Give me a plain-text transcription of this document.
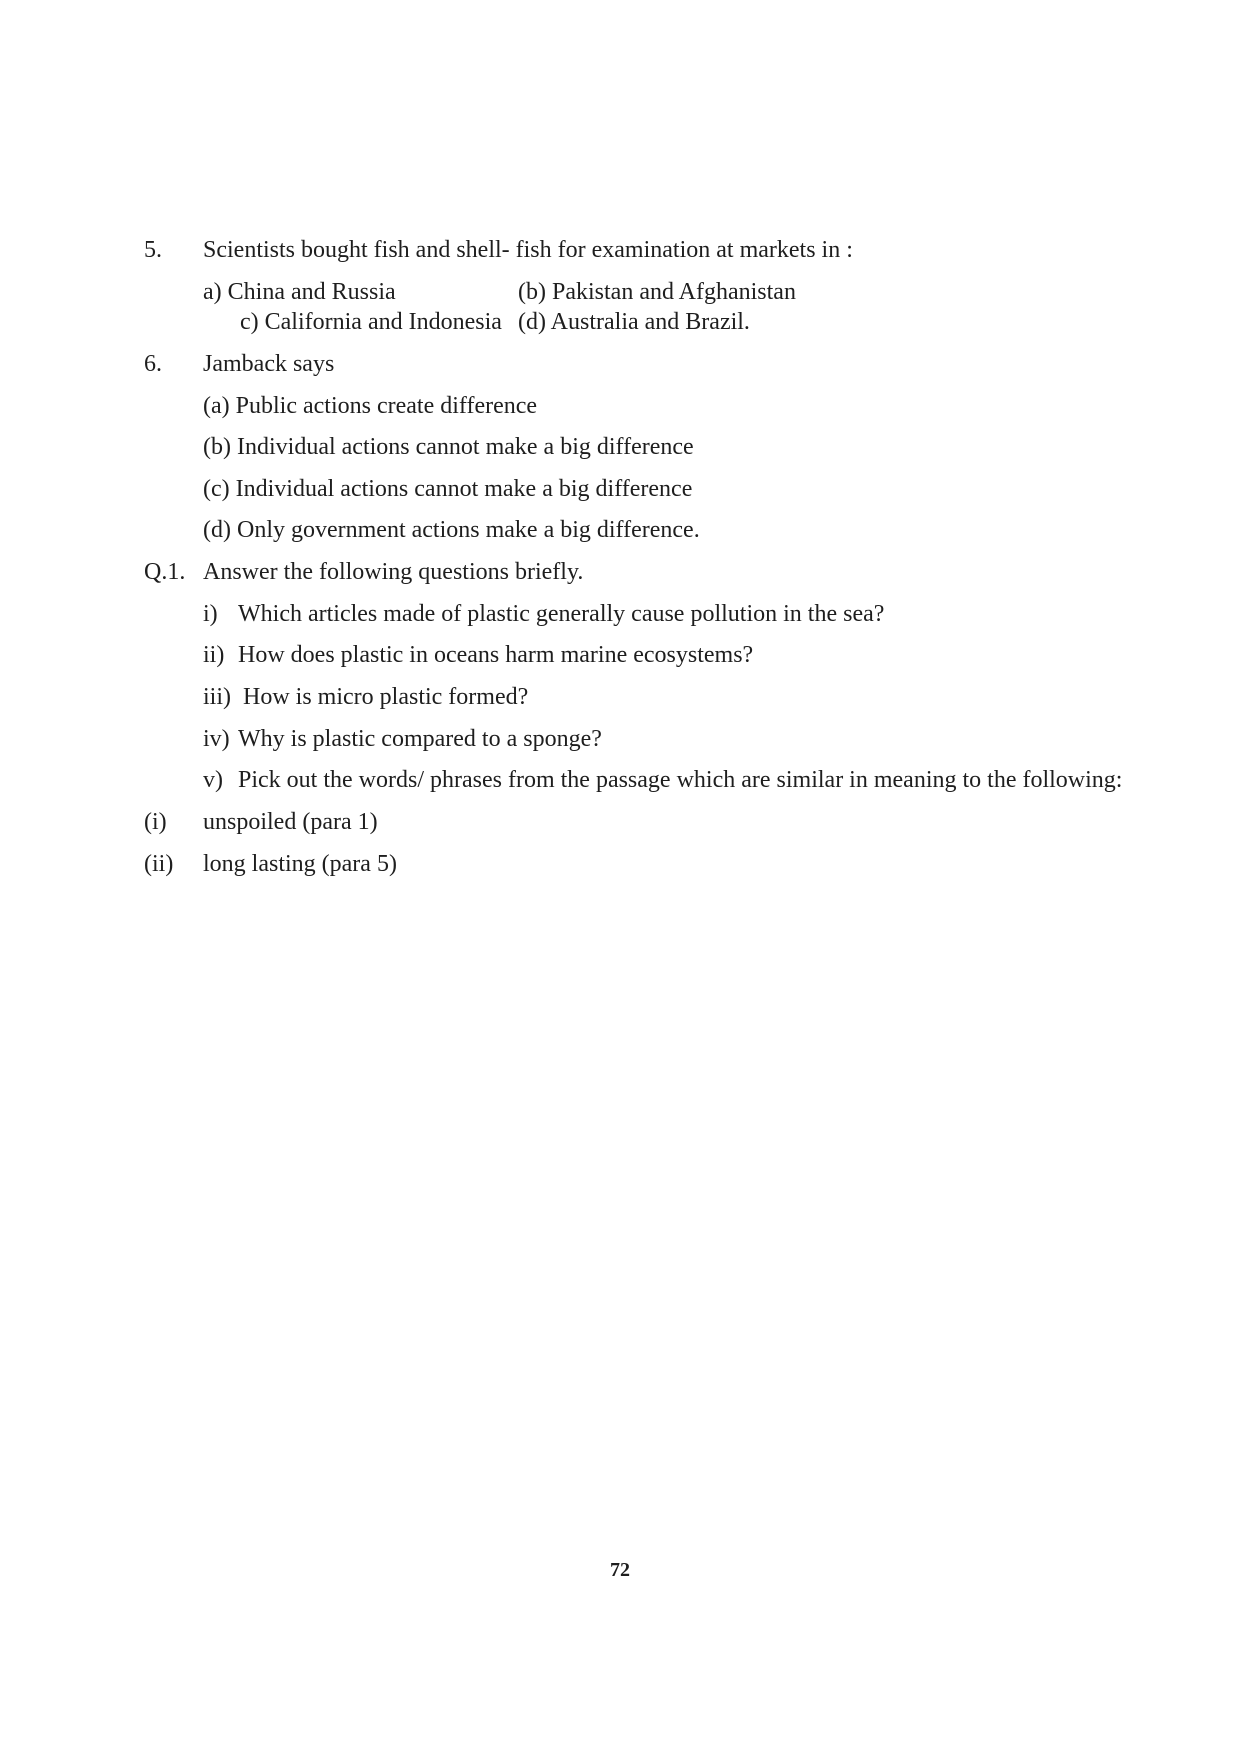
5. Scientists bought fish and shell- fish for examination at markets in :
a) China and Russia	(b) Pakistan and Afghanistan
c) California and Indonesia (d) Australia and Brazil.
6. Jamback says
(a) Public actions create difference
(b) Individual actions cannot make a big difference
(c) Individual actions cannot make a big difference
(d) Only government actions make a big difference.
Q.1. Answer the following questions briefly.
i) Which articles made of plastic generally cause pollution in the sea?
ii) How does plastic in oceans harm marine ecosystems?
iii) How is micro plastic formed?
iv) Why is plastic compared to a sponge?
v) Pick out the words/ phrases from the passage which are similar in meaning to the following:
(i) unspoiled (para 1)
(ii) long lasting (para 5)
72
